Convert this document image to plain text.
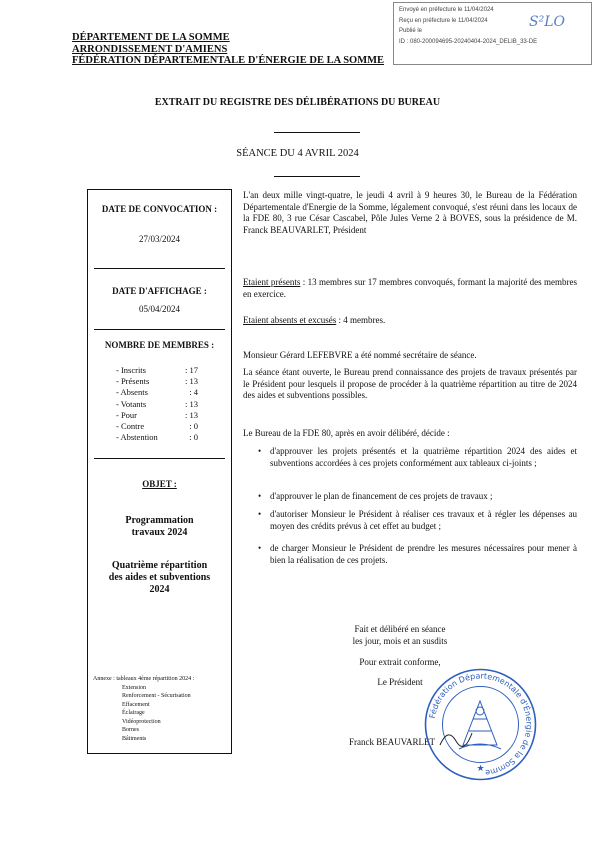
Envoyé en préfecture le 11/04/2024
Reçu en préfecture le 11/04/2024
Publié le
ID : 080-200094695-20240404-2024_DELIB_33-DE
S²LO
DÉPARTEMENT DE LA SOMME
ARRONDISSEMENT D'AMIENS
FÉDÉRATION DÉPARTEMENTALE D'ÉNERGIE DE LA SOMME
EXTRAIT DU REGISTRE DES DÉLIBÉRATIONS DU BUREAU
SÉANCE DU 4 AVRIL 2024
DATE DE CONVOCATION :
27/03/2024
DATE D'AFFICHAGE :
05/04/2024
NOMBRE DE MEMBRES :
- Inscrits	: 17
- Présents	: 13
- Absents	: 4
- Votants	: 13
- Pour	: 13
- Contre	: 0
- Abstention	: 0
OBJET :
Programmation
travaux 2024
Quatrième répartition
des aides et subventions
2024
Annexe : tableaux 4ème répartition 2024 :
Extension
Renforcement - Sécurisation
Effacement
Éclairage
Vidéoprotection
Bornes
Bâtiments
L'an deux mille vingt-quatre, le jeudi 4 avril à 9 heures 30, le Bureau de la Fédération Départementale d'Energie de la Somme, légalement convoqué, s'est réuni dans les locaux de la FDE 80, 3 rue César Cascabel, Pôle Jules Verne 2 à BOVES, sous la présidence de M. Franck BEAUVARLET, Président
Etaient présents : 13 membres sur 17 membres convoqués, formant la majorité des membres en exercice.
Etaient absents et excusés : 4 membres.
Monsieur Gérard LEFEBVRE a été nommé secrétaire de séance.
La séance étant ouverte, le Bureau prend connaissance des projets de travaux présentés par le Président pour lesquels il propose de procéder à la quatrième répartition au titre de 2024 des aides et subventions possibles.
Le Bureau de la FDE 80, après en avoir délibéré, décide :
• d'approuver les projets présentés et la quatrième répartition 2024 des aides et subventions accordées à ces projets conformément aux tableaux ci-joints ;
• d'approuver le plan de financement de ces projets de travaux ;
• d'autoriser Monsieur le Président à réaliser ces travaux et à régler les dépenses au moyen des crédits prévus à cet effet au budget ;
• de charger Monsieur le Président de prendre les mesures nécessaires pour mener à bien la réalisation de ces projets.
Fait et délibéré en séance
les jour, mois et an susdits
Pour extrait conforme,
Le Président
Franck BEAUVARLET
Fédération Départementale d'Énergie de la Somme
★
